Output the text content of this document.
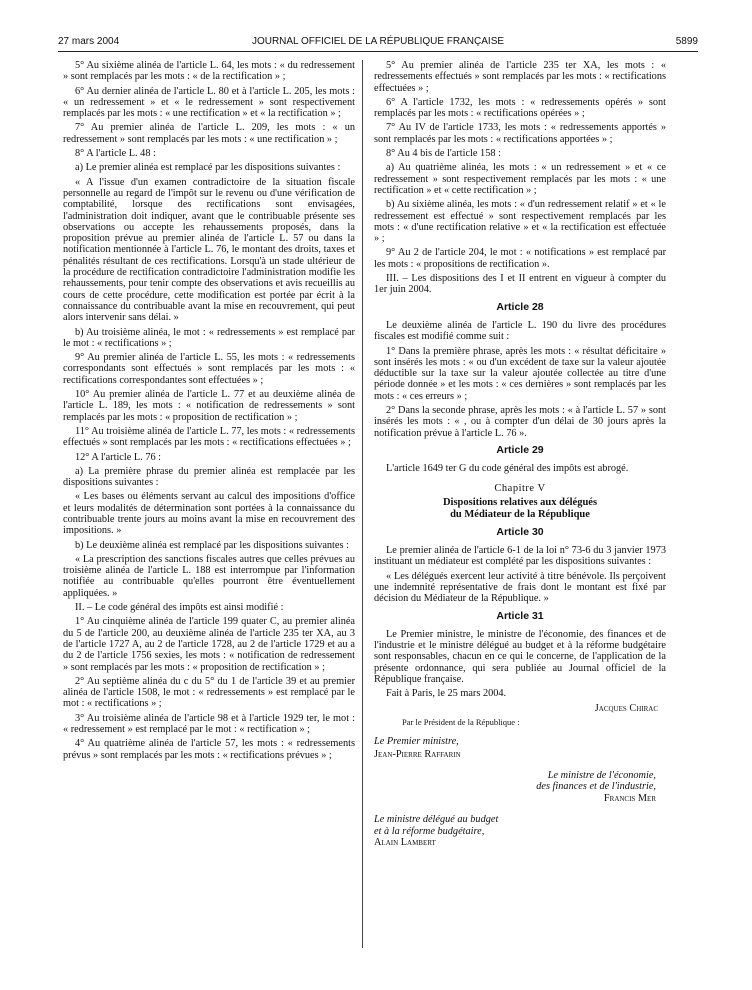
27 mars 2004	JOURNAL OFFICIEL DE LA RÉPUBLIQUE FRANÇAISE	5899

5° Au sixième alinéa de l'article L. 64, les mots : « du redressement » sont remplacés par les mots : « de la rectification » ;

6° Au dernier alinéa de l'article L. 80 et à l'article L. 205, les mots : « un redressement » et « le redressement » sont respectivement remplacés par les mots : « une rectification » et « la rectification » ;

7° Au premier alinéa de l'article L. 209, les mots : « un redressement » sont remplacés par les mots : « une rectification » ;

8° A l'article L. 48 :

a) Le premier alinéa est remplacé par les dispositions suivantes :

« A l'issue d'un examen contradictoire de la situation fiscale personnelle au regard de l'impôt sur le revenu ou d'une vérification de comptabilité, lorsque des rectifications sont envisagées, l'administration doit indiquer, avant que le contribuable présente ses observations ou accepte les rehaussements proposés, dans la proposition prévue au premier alinéa de l'article L. 57 ou dans la notification mentionnée à l'article L. 76, le montant des droits, taxes et pénalités résultant de ces rectifications. Lorsqu'à un stade ultérieur de la procédure de rectification contradictoire l'administration modifie les rehaussements, pour tenir compte des observations et avis recueillis au cours de cette procédure, cette modification est portée par écrit à la connaissance du contribuable avant la mise en recouvrement, qui peut alors intervenir sans délai. »

b) Au troisième alinéa, le mot : « redressements » est remplacé par le mot : « rectifications » ;

9° Au premier alinéa de l'article L. 55, les mots : « redressements correspondants sont effectués » sont remplacés par les mots : « rectifications correspondantes sont effectuées » ;

10° Au premier alinéa de l'article L. 77 et au deuxième alinéa de l'article L. 189, les mots : « notification de redressements » sont remplacés par les mots : « proposition de rectification » ;

11° Au troisième alinéa de l'article L. 77, les mots : « redressements effectués » sont remplacés par les mots : « rectifications effectuées » ;

12° A l'article L. 76 :

a) La première phrase du premier alinéa est remplacée par les dispositions suivantes :

« Les bases ou éléments servant au calcul des impositions d'office et leurs modalités de détermination sont portées à la connaissance du contribuable trente jours au moins avant la mise en recouvrement des impositions. »

b) Le deuxième alinéa est remplacé par les dispositions suivantes :

« La prescription des sanctions fiscales autres que celles prévues au troisième alinéa de l'article L. 188 est interrompue par l'information notifiée au contribuable qu'elles pourront être éventuellement appliquées. »

II. – Le code général des impôts est ainsi modifié :

1° Au cinquième alinéa de l'article 199 quater C, au premier alinéa du 5 de l'article 200, au deuxième alinéa de l'article 235 ter XA, au 3 de l'article 1727 A, au 2 de l'article 1728, au 2 de l'article 1729 et au a du 2 de l'article 1756 sexies, les mots : « notification de redressement » sont remplacés par les mots : « proposition de rectification » ;

2° Au septième alinéa du c du 5° du 1 de l'article 39 et au premier alinéa de l'article 1508, le mot : « redressements » est remplacé par le mot : « rectifications » ;

3° Au troisième alinéa de l'article 98 et à l'article 1929 ter, le mot : « redressement » est remplacé par le mot : « rectification » ;

4° Au quatrième alinéa de l'article 57, les mots : « redressements prévus » sont remplacés par les mots : « rectifications prévues » ;

5° Au premier alinéa de l'article 235 ter XA, les mots : « redressements effectués » sont remplacés par les mots : « rectifications effectuées » ;

6° A l'article 1732, les mots : « redressements opérés » sont remplacés par les mots : « rectifications opérées » ;

7° Au IV de l'article 1733, les mots : « redressements apportés » sont remplacés par les mots : « rectifications apportées » ;

8° Au 4 bis de l'article 158 :

a) Au quatrième alinéa, les mots : « un redressement » et « ce redressement » sont respectivement remplacés par les mots : « une rectification » et « cette rectification » ;

b) Au sixième alinéa, les mots : « d'un redressement relatif » et « le redressement est effectué » sont respectivement remplacés par les mots : « d'une rectification relative » et « la rectification est effectuée » ;

9° Au 2 de l'article 204, le mot : « notifications » est remplacé par les mots : « propositions de rectification ».

III. – Les dispositions des I et II entrent en vigueur à compter du 1er juin 2004.

Article 28

Le deuxième alinéa de l'article L. 190 du livre des procédures fiscales est modifié comme suit :

1° Dans la première phrase, après les mots : « résultat déficitaire » sont insérés les mots : « ou d'un excédent de taxe sur la valeur ajoutée déductible sur la taxe sur la valeur ajoutée collectée au titre d'une période donnée » et les mots : « ces dernières » sont remplacés par les mots : « ces erreurs » ;

2° Dans la seconde phrase, après les mots : « à l'article L. 57 » sont insérés les mots : « , ou à compter d'un délai de 30 jours après la notification prévue à l'article L. 76 ».

Article 29

L'article 1649 ter G du code général des impôts est abrogé.

Chapitre V
Dispositions relatives aux délégués
du Médiateur de la République
Article 30

Le premier alinéa de l'article 6-1 de la loi n° 73-6 du 3 janvier 1973 instituant un médiateur est complété par les dispositions suivantes :

« Les délégués exercent leur activité à titre bénévole. Ils perçoivent une indemnité représentative de frais dont le montant est fixé par décision du Médiateur de la République. »

Article 31

Le Premier ministre, le ministre de l'économie, des finances et de l'industrie et le ministre délégué au budget et à la réforme budgétaire sont responsables, chacun en ce qui le concerne, de l'application de la présente ordonnance, qui sera publiée au Journal officiel de la République française.

Fait à Paris, le 25 mars 2004.

Jacques Chirac
Par le Président de la République :
Le Premier ministre,
Jean-Pierre Raffarin
Le ministre de l'économie,
des finances et de l'industrie,
Francis Mer
Le ministre délégué au budget
et à la réforme budgétaire,
Alain Lambert
